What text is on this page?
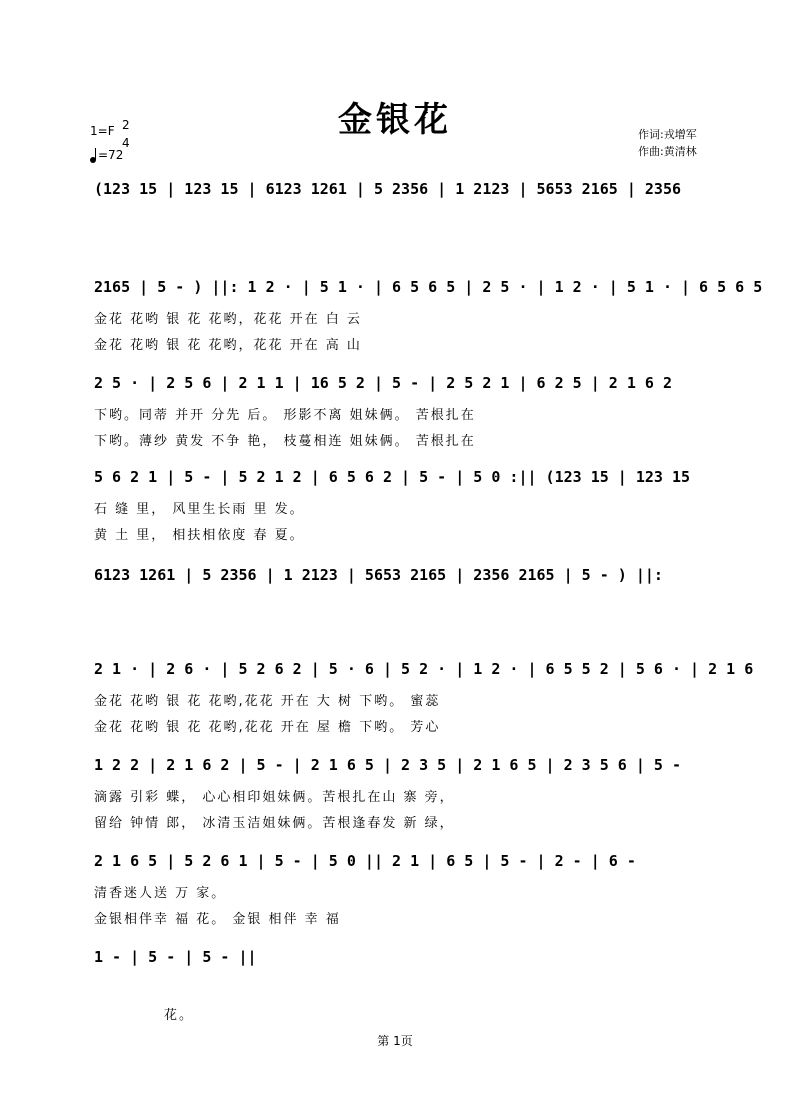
金银花
1=F 2
4
=72
作词:戎增军
作曲:黄清林
(123 15 | 123 15 | 6123 1261 | 5 2356 | 1 2123 | 5653 2165 | 2356
2165 | 5 - ) ||: 1 2 · | 5 1 · | 6 5 6 5 | 2 5 · | 1 2 · | 5 1 · | 6 5 6 5
金花 花哟 银 花 花哟，花花 开在 白 云
金花 花哟 银 花 花哟，花花 开在 高 山
2 5 · | 2 5 6 | 2 1 1 | 16 5 2 | 5 - | 2 5 2 1 | 6 2 5 | 2 1 6 2
下哟。同蒂 并开 分先 后。 形影不离 姐妹俩。 苦根扎在
下哟。薄纱 黄发 不争 艳， 枝蔓相连 姐妹俩。 苦根扎在
5 6 2 1 | 5 - | 5 2 1 2 | 6 5 6 2 | 5 - | 5 0 :|| (123 15 | 123 15
石 缝 里， 风里生长雨 里 发。
黄 土 里， 相扶相依度 春 夏。
6123 1261 | 5 2356 | 1 2123 | 5653 2165 | 2356 2165 | 5 - ) ||:
2 1 · | 2 6 · | 5 2 6 2 | 5 · 6 | 5 2 · | 1 2 · | 6 5 5 2 | 5 6 · | 2 1 6
金花 花哟 银 花 花哟,花花 开在 大 树 下哟。 蜜蕊
金花 花哟 银 花 花哟,花花 开在 屋 檐 下哟。 芳心
1 2 2 | 2 1 6 2 | 5 - | 2 1 6 5 | 2 3 5 | 2 1 6 5 | 2 3 5 6 | 5 -
滴露 引彩 蝶， 心心相印姐妹俩。苦根扎在山 寨 旁，
留给 钟情 郎， 冰清玉洁姐妹俩。苦根逢春发 新 绿，
2 1 6 5 | 5 2 6 1 | 5 - | 5 0 || 2 1 | 6 5 | 5 - | 2 - | 6 -
清香迷人送 万 家。
金银相伴幸 福 花。 金银 相伴 幸 福
1 - | 5 - | 5 - ||
花。
第 1页
